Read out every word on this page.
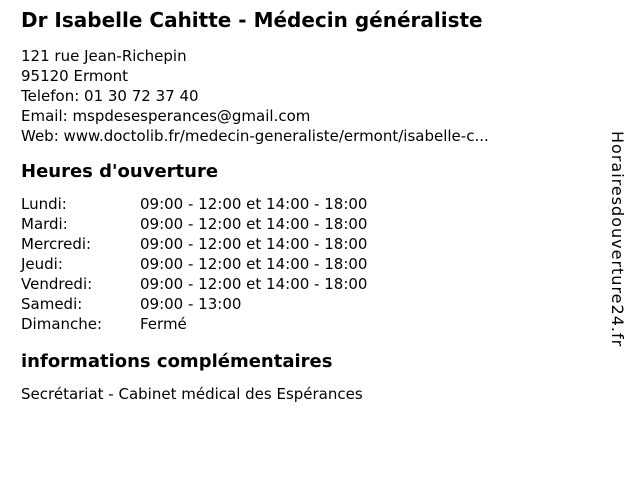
Dr Isabelle Cahitte - Médecin généraliste
121 rue Jean-Richepin
95120 Ermont
Telefon: 01 30 72 37 40
Email: mspdesesperances@gmail.com
Web: www.doctolib.fr/medecin-generaliste/ermont/isabelle-c...
Heures d'ouverture
Lundi:	09:00 - 12:00 et 14:00 - 18:00
Mardi:	09:00 - 12:00 et 14:00 - 18:00
Mercredi:	09:00 - 12:00 et 14:00 - 18:00
Jeudi:	09:00 - 12:00 et 14:00 - 18:00
Vendredi:	09:00 - 12:00 et 14:00 - 18:00
Samedi:	09:00 - 13:00
Dimanche:	Fermé
informations complémentaires
Secrétariat - Cabinet médical des Espérances
Horairesdouverture24.fr
